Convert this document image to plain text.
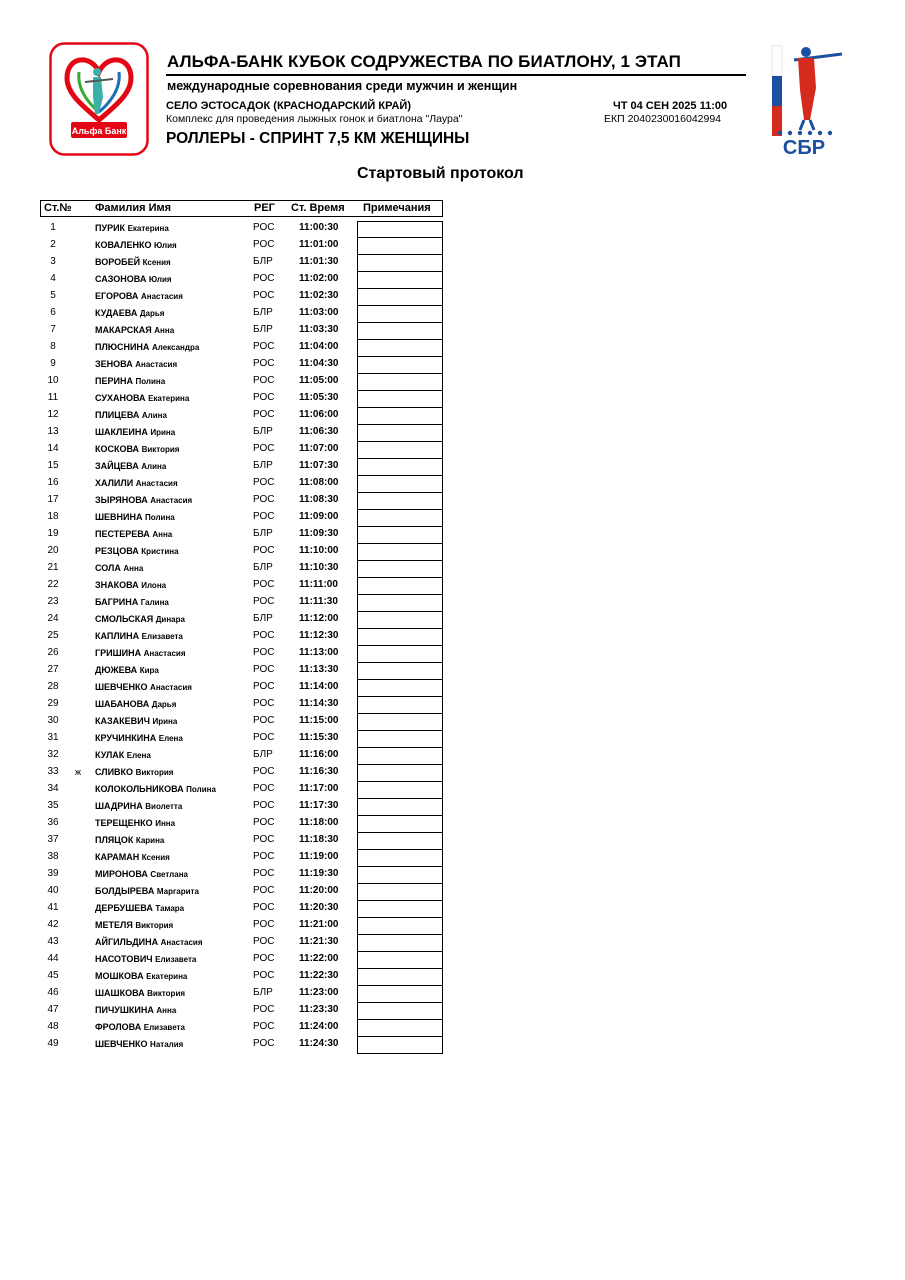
Альфа Банк
СБР
АЛЬФА-БАНК КУБОК СОДРУЖЕСТВА ПО БИАТЛОНУ, 1 ЭТАП
международные соревнования среди мужчин и женщин
СЕЛО ЭСТОСАДОК (КРАСНОДАРСКИЙ КРАЙ)
Комплекс для проведения лыжных гонок и биатлона "Лаура"
ЧТ 04 СЕН 2025 11:00
ЕКП 2040230016042994
РОЛЛЕРЫ - СПРИНТ 7,5 КМ ЖЕНЩИНЫ
Стартовый протокол
Ст.№ Фамилия Имя	РЕГ Ст. Время Примечания
1	ПУРИК Екатерина	РОС 11:00:30
2	КОВАЛЕНКО Юлия	РОС 11:01:00
3	ВОРОБЕЙ Ксения	БЛР	11:01:30
4	САЗОНОВА Юлия	РОС 11:02:00
5	ЕГОРОВА Анастасия	РОС 11:02:30
6	КУДАЕВА Дарья	БЛР	11:03:00
7	МАКАРСКАЯ Анна	БЛР	11:03:30
8	ПЛЮСНИНА Александра	РОС 11:04:00
9	ЗЕНОВА Анастасия	РОС 11:04:30
10	ПЕРИНА Полина	РОС 11:05:00
11	СУХАНОВА Екатерина	РОС 11:05:30
12	ПЛИЦЕВА Алина	РОС 11:06:00
13	ШАКЛЕИНА Ирина	БЛР	11:06:30
14	КОСКОВА Виктория	РОС 11:07:00
15	ЗАЙЦЕВА Алина	БЛР	11:07:30
16	ХАЛИЛИ Анастасия	РОС 11:08:00
17	ЗЫРЯНОВА Анастасия	РОС 11:08:30
18	ШЕВНИНА Полина	РОС 11:09:00
19	ПЕСТЕРЕВА Анна	БЛР	11:09:30
20	РЕЗЦОВА Кристина	РОС 11:10:00
21	СОЛА Анна	БЛР	11:10:30
22	ЗНАКОВА Илона	РОС 11:11:00
23	БАГРИНА Галина	РОС 11:11:30
24	СМОЛЬСКАЯ Динара	БЛР	11:12:00
25	КАПЛИНА Елизавета	РОС 11:12:30
26	ГРИШИНА Анастасия	РОС 11:13:00
27	ДЮЖЕВА Кира	РОС 11:13:30
28	ШЕВЧЕНКО Анастасия	РОС 11:14:00
29	ШАБАНОВА Дарья	РОС 11:14:30
30	КАЗАКЕВИЧ Ирина	РОС 11:15:00
31	КРУЧИНКИНА Елена	РОС 11:15:30
32	КУЛАК Елена	БЛР	11:16:00
33	ж СЛИВКО Виктория	РОС 11:16:30
34	КОЛОКОЛЬНИКОВА Полина	РОС 11:17:00
35	ШАДРИНА Виолетта	РОС 11:17:30
36	ТЕРЕЩЕНКО Инна	РОС 11:18:00
37	ПЛЯЦОК Карина	РОС 11:18:30
38	КАРАМАН Ксения	РОС 11:19:00
39	МИРОНОВА Светлана	РОС 11:19:30
40	БОЛДЫРЕВА Маргарита	РОС 11:20:00
41	ДЕРБУШЕВА Тамара	РОС 11:20:30
42	МЕТЕЛЯ Виктория	РОС 11:21:00
43	АЙГИЛЬДИНА Анастасия	РОС 11:21:30
44	НАСОТОВИЧ Елизавета	РОС 11:22:00
45	МОШКОВА Екатерина	РОС 11:22:30
46	ШАШКОВА Виктория	БЛР	11:23:00
47	ПИЧУШКИНА Анна	РОС 11:23:30
48	ФРОЛОВА Елизавета	РОС 11:24:00
49	ШЕВЧЕНКО Наталия	РОС 11:24:30
